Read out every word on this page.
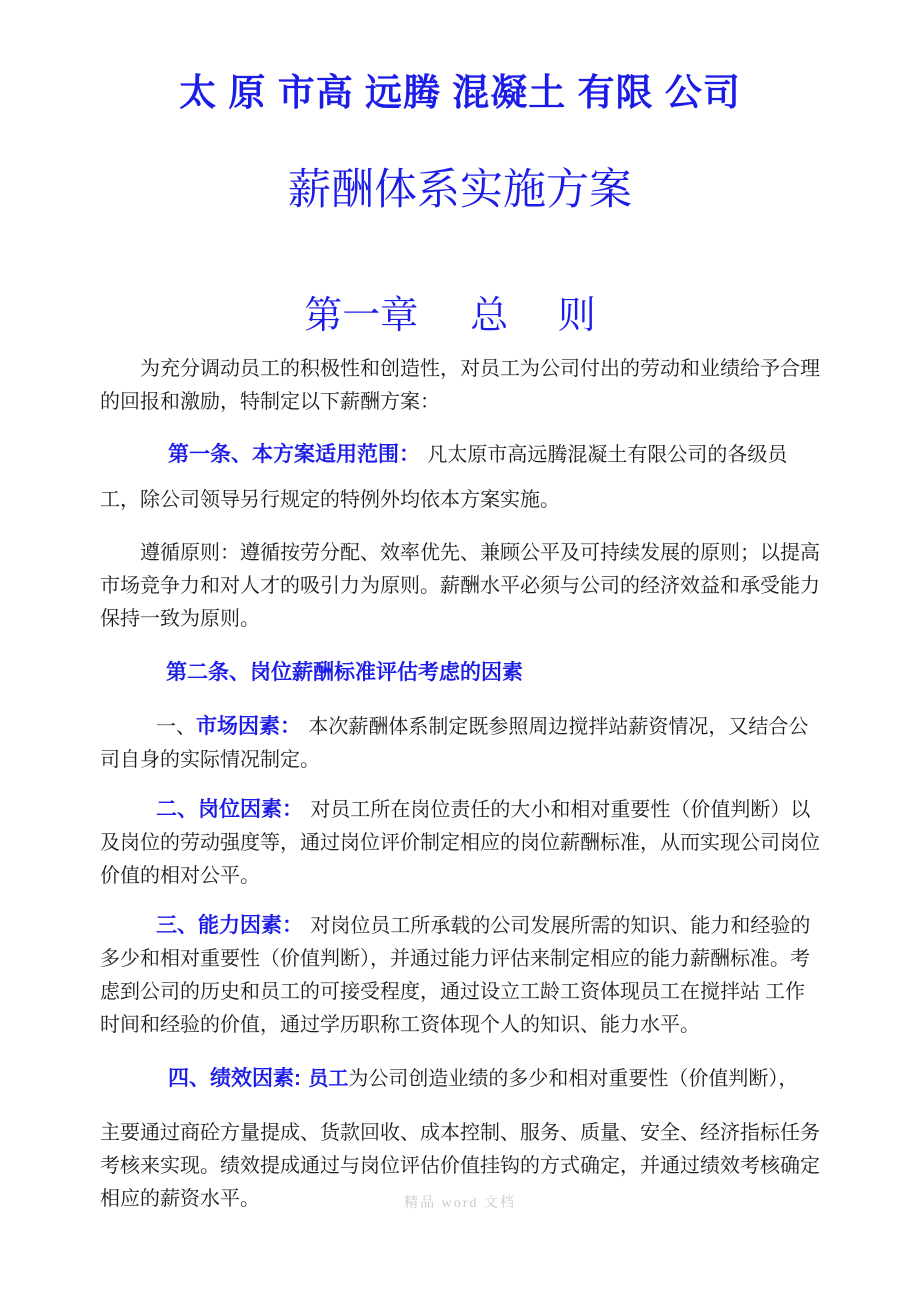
太 原 市高 远腾 混凝土 有限 公司
薪酬体系实施方案
第一章 总 则

为充分调动员工的积极性和创造性，对员工为公司付出的劳动和业绩给予合理的回报和激励，特制定以下薪酬方案：

第一条、本方案适用范围： 凡太原市高远腾混凝土有限公司的各级员工，除公司领导另行规定的特例外均依本方案实施。

遵循原则：遵循按劳分配、效率优先、兼顾公平及可持续发展的原则；以提高市场竞争力和对人才的吸引力为原则。薪酬水平必须与公司的经济效益和承受能力保持一致为原则。

第二条、岗位薪酬标准评估考虑的因素

一、市场因素： 本次薪酬体系制定既参照周边搅拌站薪资情况，又结合公司自身的实际情况制定。

二、岗位因素： 对员工所在岗位责任的大小和相对重要性（价值判断）以及岗位的劳动强度等，通过岗位评价制定相应的岗位薪酬标准，从而实现公司岗位价值的相对公平。

三、能力因素： 对岗位员工所承载的公司发展所需的知识、能力和经验的多少和相对重要性（价值判断），并通过能力评估来制定相应的能力薪酬标准。考虑到公司的历史和员工的可接受程度，通过设立工龄工资体现员工在搅拌站 工作时间和经验的价值，通过学历职称工资体现个人的知识、能力水平。

四、绩效因素: 员工为公司创造业绩的多少和相对重要性（价值判断），

主要通过商砼方量提成、货款回收、成本控制、服务、质量、安全、经济指标任务考核来实现。绩效提成通过与岗位评估价值挂钩的方式确定，并通过绩效考核确定相应的薪资水平。	精品 word 文档
